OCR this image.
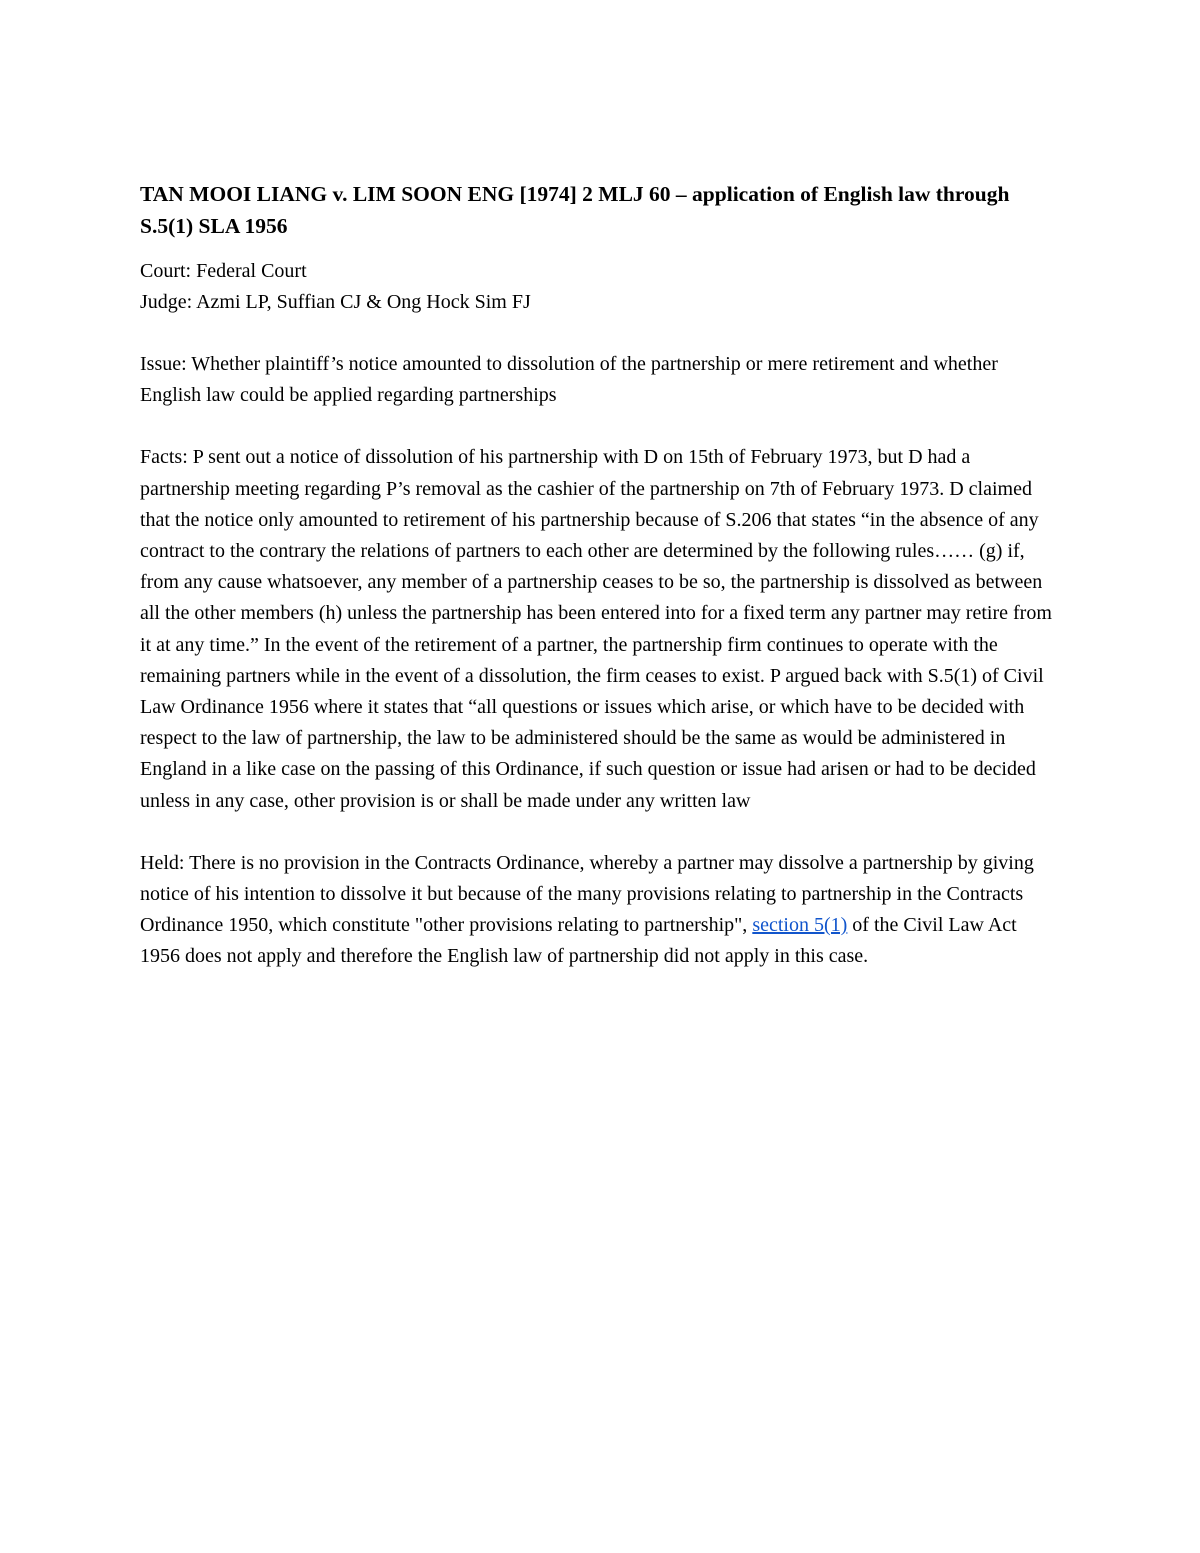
TAN MOOI LIANG v. LIM SOON ENG [1974] 2 MLJ 60 – application of English law through S.5(1) SLA 1956

Court: Federal Court

Judge: Azmi LP, Suffian CJ & Ong Hock Sim FJ

Issue: Whether plaintiff’s notice amounted to dissolution of the partnership or mere retirement and whether English law could be applied regarding partnerships

Facts: P sent out a notice of dissolution of his partnership with D on 15th of February 1973, but D had a partnership meeting regarding P’s removal as the cashier of the partnership on 7th of February 1973. D claimed that the notice only amounted to retirement of his partnership because of S.206 that states “in the absence of any contract to the contrary the relations of partners to each other are determined by the following rules…… (g) if, from any cause whatsoever, any member of a partnership ceases to be so, the partnership is dissolved as between all the other members (h) unless the partnership has been entered into for a fixed term any partner may retire from it at any time.” In the event of the retirement of a partner, the partnership firm continues to operate with the remaining partners while in the event of a dissolution, the firm ceases to exist. P argued back with S.5(1) of Civil Law Ordinance 1956 where it states that “all questions or issues which arise, or which have to be decided with respect to the law of partnership, the law to be administered should be the same as would be administered in England in a like case on the passing of this Ordinance, if such question or issue had arisen or had to be decided unless in any case, other provision is or shall be made under any written law

Held: There is no provision in the Contracts Ordinance, whereby a partner may dissolve a partnership by giving notice of his intention to dissolve it but because of the many provisions relating to partnership in the Contracts Ordinance 1950, which constitute "other provisions relating to partnership", section 5(1) of the Civil Law Act 1956 does not apply and therefore the English law of partnership did not apply in this case.
